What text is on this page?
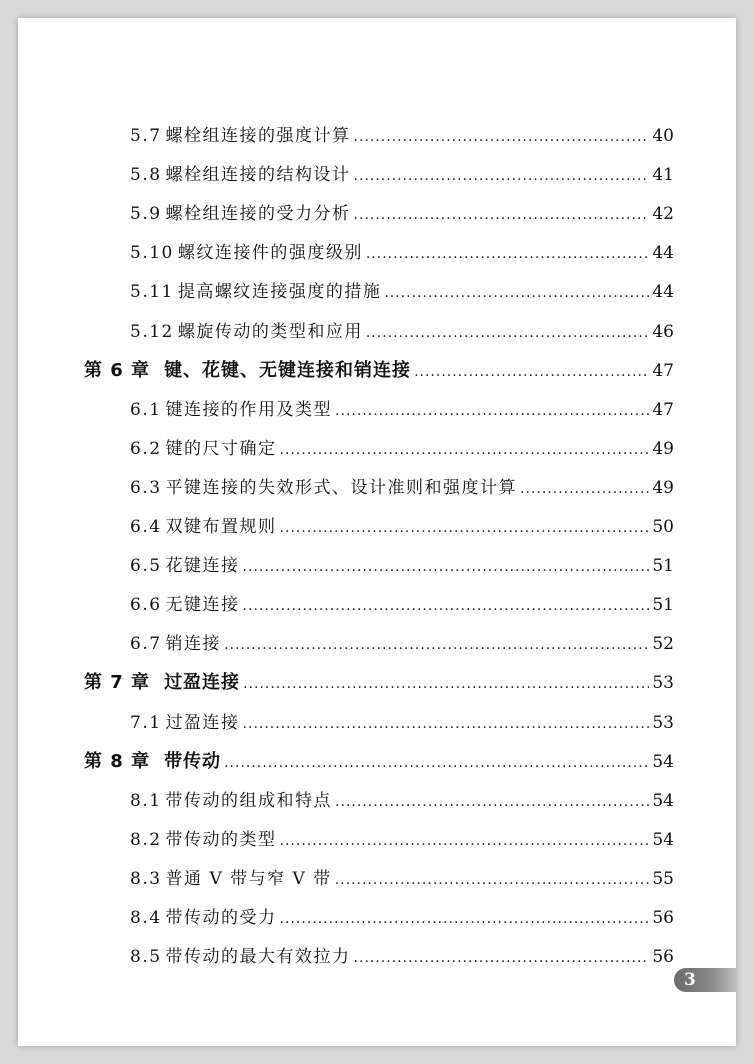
5.7 螺栓组连接的强度计算 .....	40
5.8 螺栓组连接的结构设计 .....	41
5.9 螺栓组连接的受力分析 .....	42
5.10 螺纹连接件的强度级别 .....	44
5.11 提高螺纹连接强度的措施 .....	44
5.12 螺旋传动的类型和应用 .....	46
第 6 章 键、花键、无键连接和销连接 .....	47
6.1 键连接的作用及类型 .....	47
6.2 键的尺寸确定 .....	49
6.3 平键连接的失效形式、设计准则和强度计算 .....	49
6.4 双键布置规则 .....	50
6.5 花键连接 .....	51
6.6 无键连接 .....	51
6.7 销连接 .....	52
第 7 章 过盈连接 .....	53
7.1 过盈连接 .....	53
第 8 章 带传动 .....	54
8.1 带传动的组成和特点 .....	54
8.2 带传动的类型 .....	54
8.3 普通 V 带与窄 V 带 .....	55
8.4 带传动的受力 .....	56
8.5 带传动的最大有效拉力 .....	56
3
